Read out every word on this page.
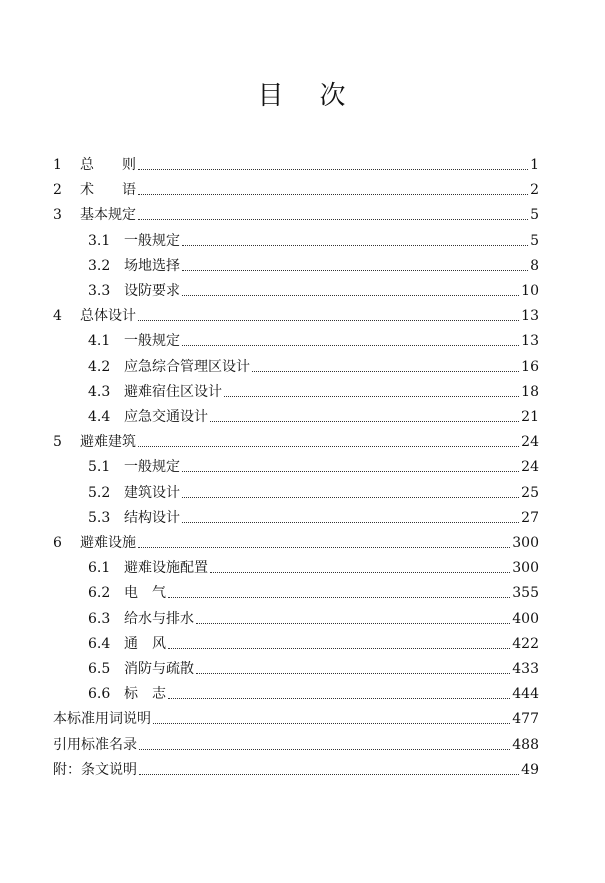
目 次
1	总　　则	1
2	术　　语	2
3	基本规定	5
3.1 一般规定	5
3.2 场地选择	8
3.3 设防要求	10
4	总体设计	13
4.1 一般规定	13
4.2 应急综合管理区设计	16
4.3 避难宿住区设计	18
4.4 应急交通设计	21
5	避难建筑	24
5.1 一般规定	24
5.2 建筑设计	25
5.3 结构设计	27
6	避难设施	300
6.1 避难设施配置	300
6.2 电　气	355
6.3 给水与排水	400
6.4 通　风	422
6.5 消防与疏散	433
6.6 标　志	444
本标准用词说明	477
引用标准名录	488
附：条文说明	49
